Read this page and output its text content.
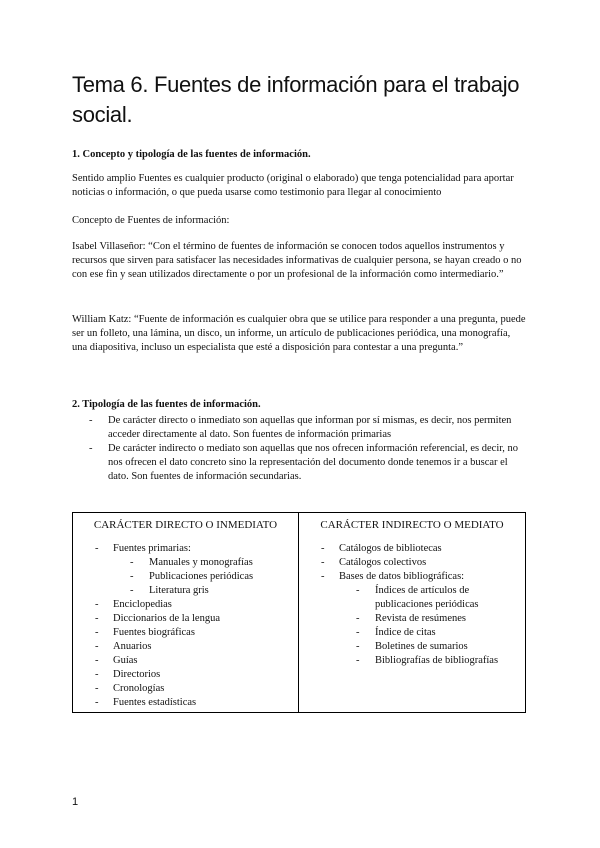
Tema 6. Fuentes de información para el trabajo social.

1. Concepto y tipología de las fuentes de información.

Sentido amplio Fuentes es cualquier producto (original o elaborado) que tenga potencialidad para aportar noticias o información, o que pueda usarse como testimonio para llegar al conocimiento

Concepto de Fuentes de información:

Isabel Villaseñor: “Con el término de fuentes de información se conocen todos aquellos instrumentos y recursos que sirven para satisfacer las necesidades informativas de cualquier persona, se hayan creado o no con ese fin y sean utilizados directamente o por un profesional de la información como intermediario.”

William Katz: “Fuente de información es cualquier obra que se utilice para responder a una pregunta, puede ser un folleto, una lámina, un disco, un informe, un artículo de publicaciones periódica, una monografía, una diapositiva, incluso un especialista que esté a disposición para contestar a una pregunta.”

2. Tipología de las fuentes de información.
- De carácter directo o inmediato son aquellas que informan por sí mismas, es decir, nos permiten acceder directamente al dato. Son fuentes de información primarias
- De carácter indirecto o mediato son aquellas que nos ofrecen información referencial, es decir, no nos ofrecen el dato concreto sino la representación del documento donde tenemos ir a buscar el dato. Son fuentes de información secundarias.

CARÁCTER DIRECTO O INMEDIATO

- Fuentes primarias:
- Manuales y monografías
- Publicaciones periódicas
- Literatura gris
- Enciclopedias
- Diccionarios de la lengua
- Fuentes biográficas
- Anuarios
- Guías
- Directorios
- Cronologías
- Fuentes estadísticas

CARÁCTER INDIRECTO O MEDIATO

- Catálogos de bibliotecas
- Catálogos colectivos
- Bases de datos bibliográficas:
- Índices de artículos de publicaciones periódicas
- Revista de resúmenes
- Índice de citas
- Boletines de sumarios
- Bibliografías de bibliografías
1
